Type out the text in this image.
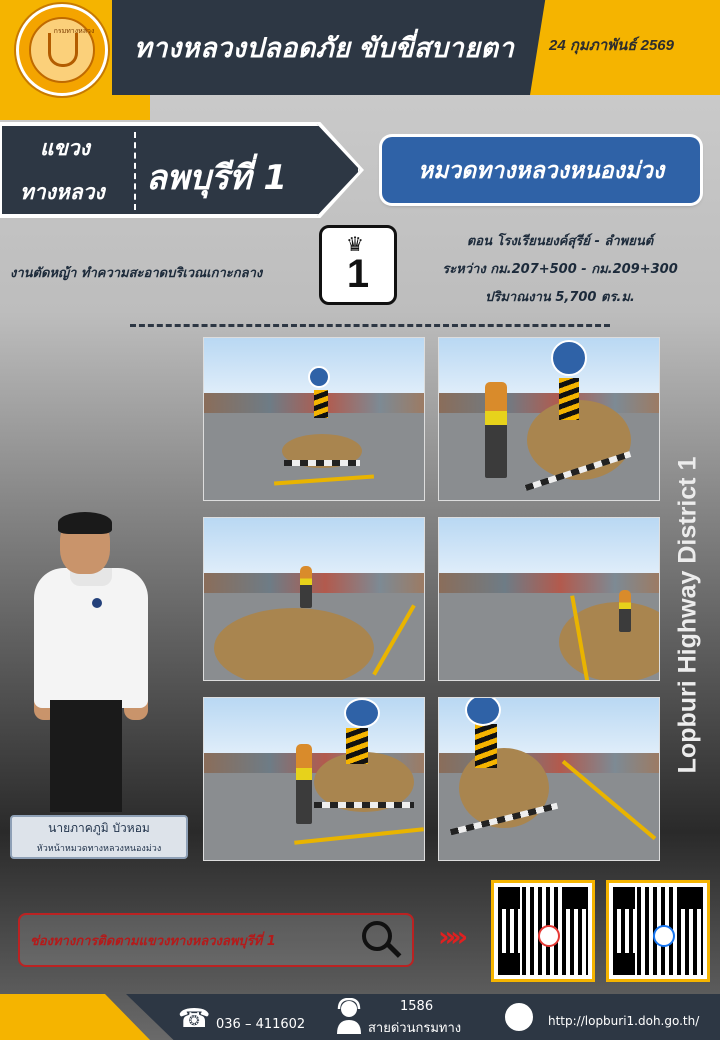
กรมทางหลวง
ทางหลวงปลอดภัย ขับขี่สบายตา 24 กุมภาพันธ์ 2569
แขวง
ทางหลวง ลพบุรีที่ 1	หมวดทางหลวงหนองม่วง
งานตัดหญ้า ทำความสะอาดบริเวณเกาะกลาง
♛
1
ตอน โรงเรียนยงค์สุรีย์ - ลำพยนต์
ระหว่าง กม.207+500 - กม.209+300
ปริมาณงาน 5,700 ตร.ม.
Lopburi Highway District 1
นายภาคภูมิ บัวหอม
หัวหน้าหมวดทางหลวงหนองม่วง
ช่องทางการติดตามแขวงทางหลวงลพบุรีที่ 1	»»
☎ 036 – 411602
1586
สายด่วนกรมทาง	http://lopburi1.doh.go.th/
